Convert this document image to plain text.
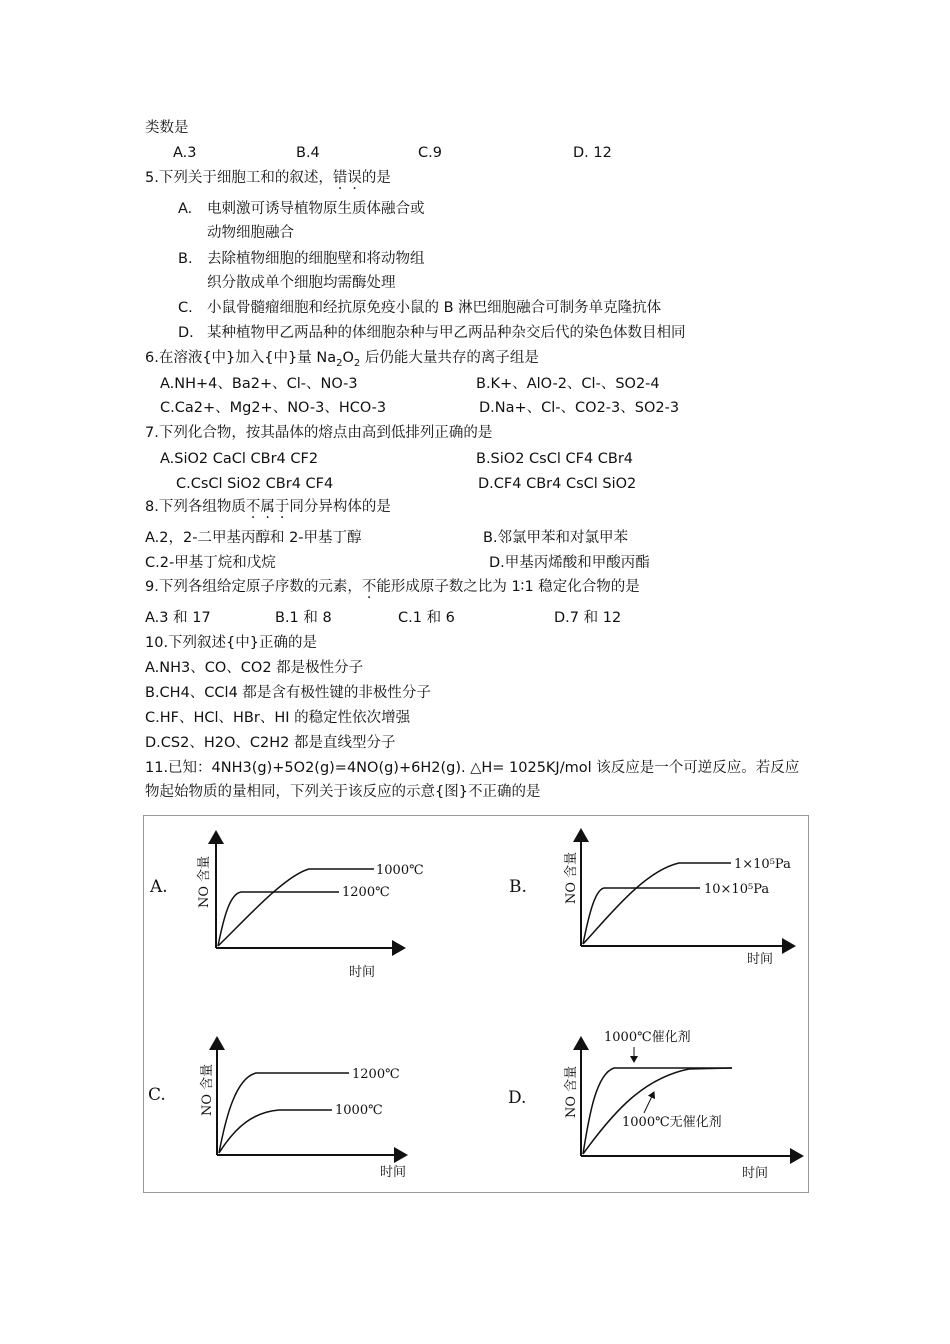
类数是
A.3	B.4	C.9	D. 12
5.下列关于细胞工和的叙述，错误的是
A. 电刺激可诱导植物原生质体融合或
动物细胞融合
B. 去除植物细胞的细胞壁和将动物组
织分散成单个细胞均需酶处理
C. 小鼠骨髓瘤细胞和经抗原免疫小鼠的 B 淋巴细胞融合可制务单克隆抗体
D. 某种植物甲乙两品种的体细胞杂种与甲乙两品种杂交后代的染色体数目相同
6.在溶液{中}加入{中}量 $Na_2O_2$ 后仍能大量共存的离子组是
A.NH+4、Ba2+、Cl-、NO-3	B.K+、AlO-2、Cl-、SO2-4
C.Ca2+、Mg2+、NO-3、HCO-3	D.Na+、Cl-、CO2-3、SO2-3
7.下列化合物，按其晶体的熔点由高到低排列正确的是
A.SiO2 CaCl CBr4 CF2	B.SiO2 CsCl CF4 CBr4
C.CsCl SiO2 CBr4 CF4	D.CF4 CBr4 CsCl SiO2
8.下列各组物质不属于同分异构体的是
A.2，2-二甲基丙醇和 2-甲基丁醇	B.邻氯甲苯和对氯甲苯
C.2-甲基丁烷和戊烷	D.甲基丙烯酸和甲酸丙酯
9.下列各组给定原子序数的元素，不能形成原子数之比为 1∶1 稳定化合物的是
A.3 和 17	B.1 和 8	C.1 和 6	D.7 和 12
10.下列叙述{中}正确的是
A.NH3、CO、CO2 都是极性分子
B.CH4、CCl4 都是含有极性键的非极性分子
C.HF、HCl、HBr、HI 的稳定性依次增强
D.CS2、H2O、C2H2 都是直线型分子
11.已知：4NH3(g)+5O2(g)=4NO(g)+6H2(g). △H= 1025KJ/mol 该反应是一个可逆反应。若反应
物起始物质的量相同，下列关于该反应的示意{图}不正确的是
A. NO 含量
时间
1000℃
1200℃	B.	NO 含量
时间
1×10⁵Pa
10×10⁵Pa
C.	NO 含量
时间
1200℃
1000℃
D.	NO 含量
时间
1000℃催化剂
1000℃无催化剂
